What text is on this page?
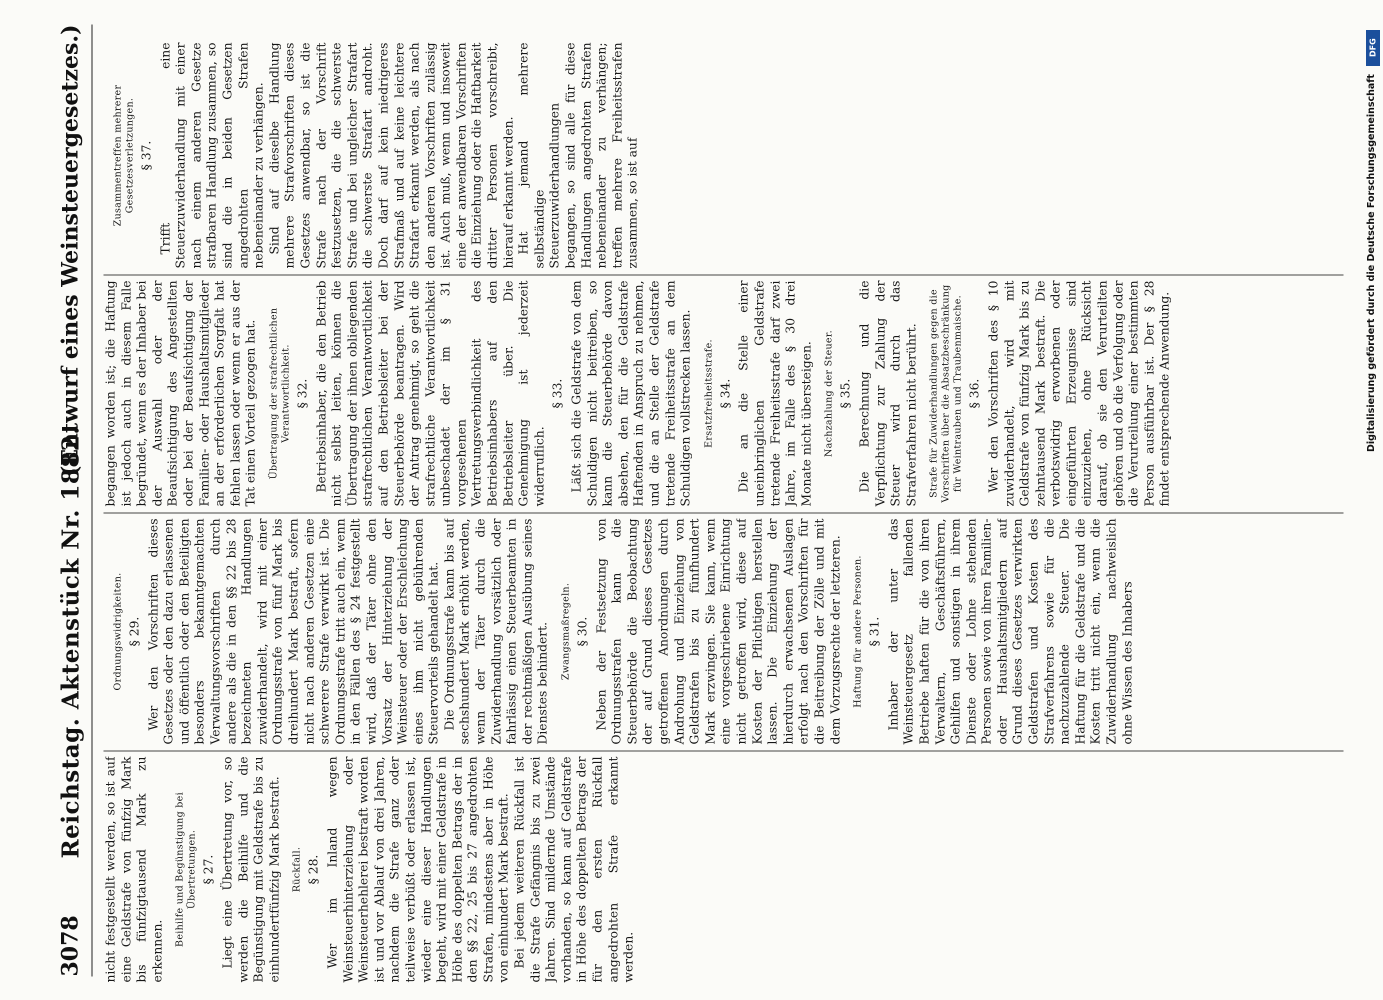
3078
Reichstag. Aktenstück Nr. 1882.
(Entwurf eines Weinsteuergesetzes.)

nicht festgestellt werden, so ist auf eine Geldstrafe von fünfzig Mark bis fünfzigtausend Mark zu erkennen.

Beihilfe und Begünstigung bei Übertretungen. § 27. Liegt eine Übertretung vor, so werden die Beihilfe und die Begünstigung mit Geldstrafe bis zu einhundertfünfzig Mark bestraft. Rückfall. § 28. Wer im Inland wegen Weinsteuerhinterziehung oder Weinsteuerhehlerei bestraft worden ist und vor Ablauf von drei Jahren, nachdem die Strafe ganz oder teilweise verbüßt oder erlassen ist, wieder eine dieser Handlungen begeht, wird mit einer Geldstrafe in Höhe des doppelten Betrags der in den §§ 22, 25 bis 27 angedrohten Strafen, mindestens aber in Höhe von einhundert Mark bestraft. Bei jedem weiteren Rückfall ist die Strafe Gefängnis bis zu zwei Jahren. Sind mildernde Umstände vorhanden, so kann auf Geldstrafe in Höhe des doppelten Betrags der für den ersten Rückfall angedrohten Strafe erkannt werden.

Ordnungswidrigkeiten. § 29. Wer den Vorschriften dieses Gesetzes oder den dazu erlassenen und öffentlich oder den Beteiligten besonders bekanntgemachten Verwaltungsvorschriften durch andere als die in den §§ 22 bis 28 bezeichneten Handlungen zuwiderhandelt, wird mit einer Ordnungsstrafe von fünf Mark bis dreihundert Mark bestraft, sofern nicht nach anderen Gesetzen eine schwerere Strafe verwirkt ist. Die Ordnungsstrafe tritt auch ein, wenn in den Fällen des § 24 festgestellt wird, daß der Täter ohne den Vorsatz der Hinterziehung der Weinsteuer oder der Erschleichung eines ihm nicht gebührenden Steuervorteils gehandelt hat. Die Ordnungsstrafe kann bis auf sechshundert Mark erhöht werden, wenn der Täter durch die Zuwiderhandlung vorsätzlich oder fahrlässig einen Steuerbeamten in der rechtmäßigen Ausübung seines Dienstes behindert. Zwangsmaßregeln. § 30. Neben der Festsetzung von Ordnungsstrafen kann die Steuerbehörde die Beobachtung der auf Grund dieses Gesetzes getroffenen Anordnungen durch Androhung und Einziehung von Geldstrafen bis zu fünfhundert Mark erzwingen. Sie kann, wenn eine vorgeschriebene Einrichtung nicht getroffen wird, diese auf Kosten der Pflichtigen herstellen lassen. Die Einziehung der hierdurch erwachsenen Auslagen erfolgt nach den Vorschriften für die Beitreibung der Zölle und mit dem Vorzugsrechte der letzteren. Haftung für andere Personen. § 31. Inhaber der unter das Weinsteuergesetz fallenden Betriebe haften für die von ihren Verwaltern, Geschäftsführern, Gehilfen und sonstigen in ihrem Dienste oder Lohne stehenden Personen sowie von ihren Familien- oder Haushaltsmitgliedern auf Grund dieses Gesetzes verwirkten Geldstrafen und Kosten des Strafverfahrens sowie für die nachzuzahlende Steuer. Die Haftung für die Geldstrafe und die Kosten tritt nicht ein, wenn die Zuwiderhandlung nachweislich ohne Wissen des Inhabers

begangen worden ist; die Haftung ist jedoch auch in diesem Falle begründet, wenn es der Inhaber bei der Auswahl oder der Beaufsichtigung des Angestellten oder bei der Beaufsichtigung der Familien- oder Haushaltsmitglieder an der erforderlichen Sorgfalt hat fehlen lassen oder wenn er aus der Tat einen Vorteil gezogen hat. Übertragung der strafrechtlichen Verantwortlichkeit. § 32. Betriebsinhaber, die den Betrieb nicht selbst leiten, können die Übertragung der ihnen obliegenden strafrechtlichen Verantwortlichkeit auf den Betriebsleiter bei der Steuerbehörde beantragen. Wird der Antrag genehmigt, so geht die strafrechtliche Verantwortlichkeit unbeschadet der im § 31 vorgesehenen Vertretungsverbindlichkeit des Betriebsinhabers auf den Betriebsleiter über. Die Genehmigung ist jederzeit widerruflich.

§ 33. Läßt sich die Geldstrafe von dem Schuldigen nicht beitreiben, so kann die Steuerbehörde davon absehen, den für die Geldstrafe Haftenden in Anspruch zu nehmen, und die an Stelle der Geldstrafe tretende Freiheitsstrafe an dem Schuldigen vollstrecken lassen. Ersatzfreiheitsstrafe. § 34. Die an die Stelle einer uneinbringlichen Geldstrafe tretende Freiheitsstrafe darf zwei Jahre, im Falle des § 30 drei Monate nicht übersteigen. Nachzahlung der Steuer. § 35. Die Berechnung und die Verpflichtung zur Zahlung der Steuer wird durch das Strafverfahren nicht berührt. Strafe für Zuwiderhandlungen gegen die Vorschriften über die Absatzbeschränkung für Weintrauben und Traubenmaische. § 36. Wer den Vorschriften des § 10 zuwiderhandelt, wird mit Geldstrafe von fünfzig Mark bis zu zehntausend Mark bestraft. Die verbotswidrig erworbenen oder eingeführten Erzeugnisse sind einzuziehen, ohne Rücksicht darauf, ob sie den Verurteilten gehören und ob die Verfolgung oder die Verurteilung einer bestimmten Person ausführbar ist. Der § 28 findet entsprechende Anwendung.

Zusammentreffen mehrerer Gesetzesverletzungen. § 37. Trifft eine Steuerzuwiderhandlung mit einer nach einem anderen Gesetze strafbaren Handlung zusammen, so sind die in beiden Gesetzen angedrohten Strafen nebeneinander zu verhängen. Sind auf dieselbe Handlung mehrere Strafvorschriften dieses Gesetzes anwendbar, so ist die Strafe nach der Vorschrift festzusetzen, die die schwerste Strafe und bei ungleicher Strafart die schwerste Strafart androht. Doch darf auf kein niedrigeres Strafmaß und auf keine leichtere Strafart erkannt werden, als nach den anderen Vorschriften zulässig ist. Auch muß, wenn und insoweit eine der anwendbaren Vorschriften die Einziehung oder die Haftbarkeit dritter Personen vorschreibt, hierauf erkannt werden. Hat jemand mehrere selbständige Steuerzuwiderhandlungen begangen, so sind alle für diese Handlungen angedrohten Strafen nebeneinander zu verhängen; treffen mehrere Freiheitsstrafen zusammen, so ist auf

DFG
Digitalisierung gefördert durch die Deutsche Forschungsgemeinschaft
